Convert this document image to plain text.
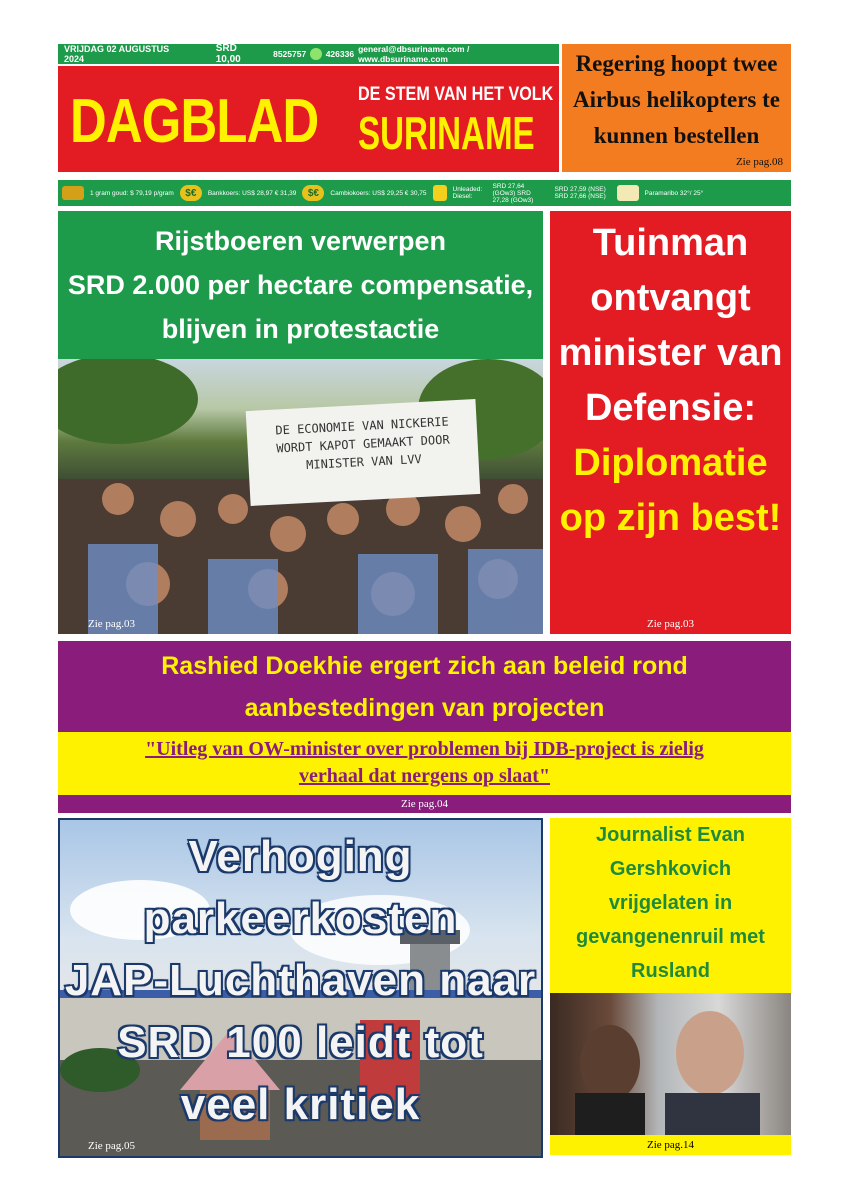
VRIJDAG 02 AUGUSTUS 2024
SRD 10,00	8525757 426336 general@dbsuriname.com / www.dbsuriname.com
DAGBLAD DE STEM VAN HET VOLK
SURINAME
Regering hoopt twee Airbus helikopters te kunnen bestellen
Zie pag.08
1 gram goud: $ 79,19 p/gram	$€	Bankkoers: US$ 28,97 € 31,39	$€	Cambiokoers: US$ 29,25 € 30,75	Unleaded: Diesel:
SRD 27,64 (GOw3) SRD 27,28 (GOw3)
SRD 27,59 (NSE) SRD 27,66 (NSE)	Paramaribo 32°/ 25°
Rijstboeren verwerpen
SRD 2.000 per hectare compensatie,
blijven in protestactie
DE ECONOMIE VAN NICKERIE WORDT KAPOT GEMAAKT DOOR MINISTER VAN LVV
Zie pag.03
Tuinman
ontvangt
minister van
Defensie:
Diplomatie
op zijn best!
Zie pag.03
Rashied Doekhie ergert zich aan beleid rond
aanbestedingen van projecten
"Uitleg van OW-minister over problemen bij IDB-project is zielig
verhaal dat nergens op slaat"
Zie pag.04
Verhoging
parkeerkosten
JAP-Luchthaven naar
SRD 100 leidt tot
veel kritiek
Zie pag.05
Journalist Evan
Gershkovich
vrijgelaten in
gevangenenruil met
Rusland
Zie pag.14
